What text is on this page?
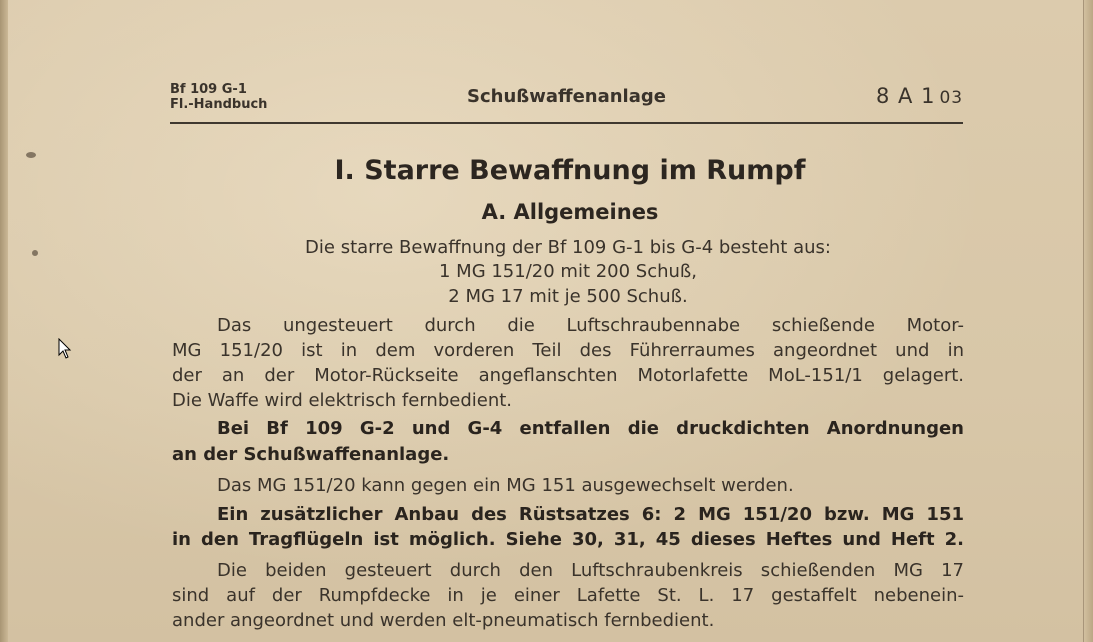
Bf 109 G-1
Fl.-Handbuch	Schußwaffenanlage	8 A 1 03
I. Starre Bewaffnung im Rumpf
A. Allgemeines
Die starre Bewaffnung der Bf 109 G-1 bis G-4 besteht aus:
1 MG 151/20 mit 200 Schuß,
2 MG 17 mit je 500 Schuß.
Das ungesteuert durch die Luftschraubennabe schießende Motor-
MG 151/20 ist in dem vorderen Teil des Führerraumes angeordnet und in
der an der Motor-Rückseite angeflanschten Motorlafette MoL-151/1 gelagert.
Die Waffe wird elektrisch fernbedient.
Bei Bf 109 G-2 und G-4 entfallen die druckdichten Anordnungen
an der Schußwaffenanlage.
Das MG 151/20 kann gegen ein MG 151 ausgewechselt werden.
Ein zusätzlicher Anbau des Rüstsatzes 6: 2 MG 151/20 bzw. MG 151
in den Tragflügeln ist möglich. Siehe 30, 31, 45 dieses Heftes und Heft 2.
Die beiden gesteuert durch den Luftschraubenkreis schießenden MG 17
sind auf der Rumpfdecke in je einer Lafette St. L. 17 gestaffelt nebenein-
ander angeordnet und werden elt-pneumatisch fernbedient.
